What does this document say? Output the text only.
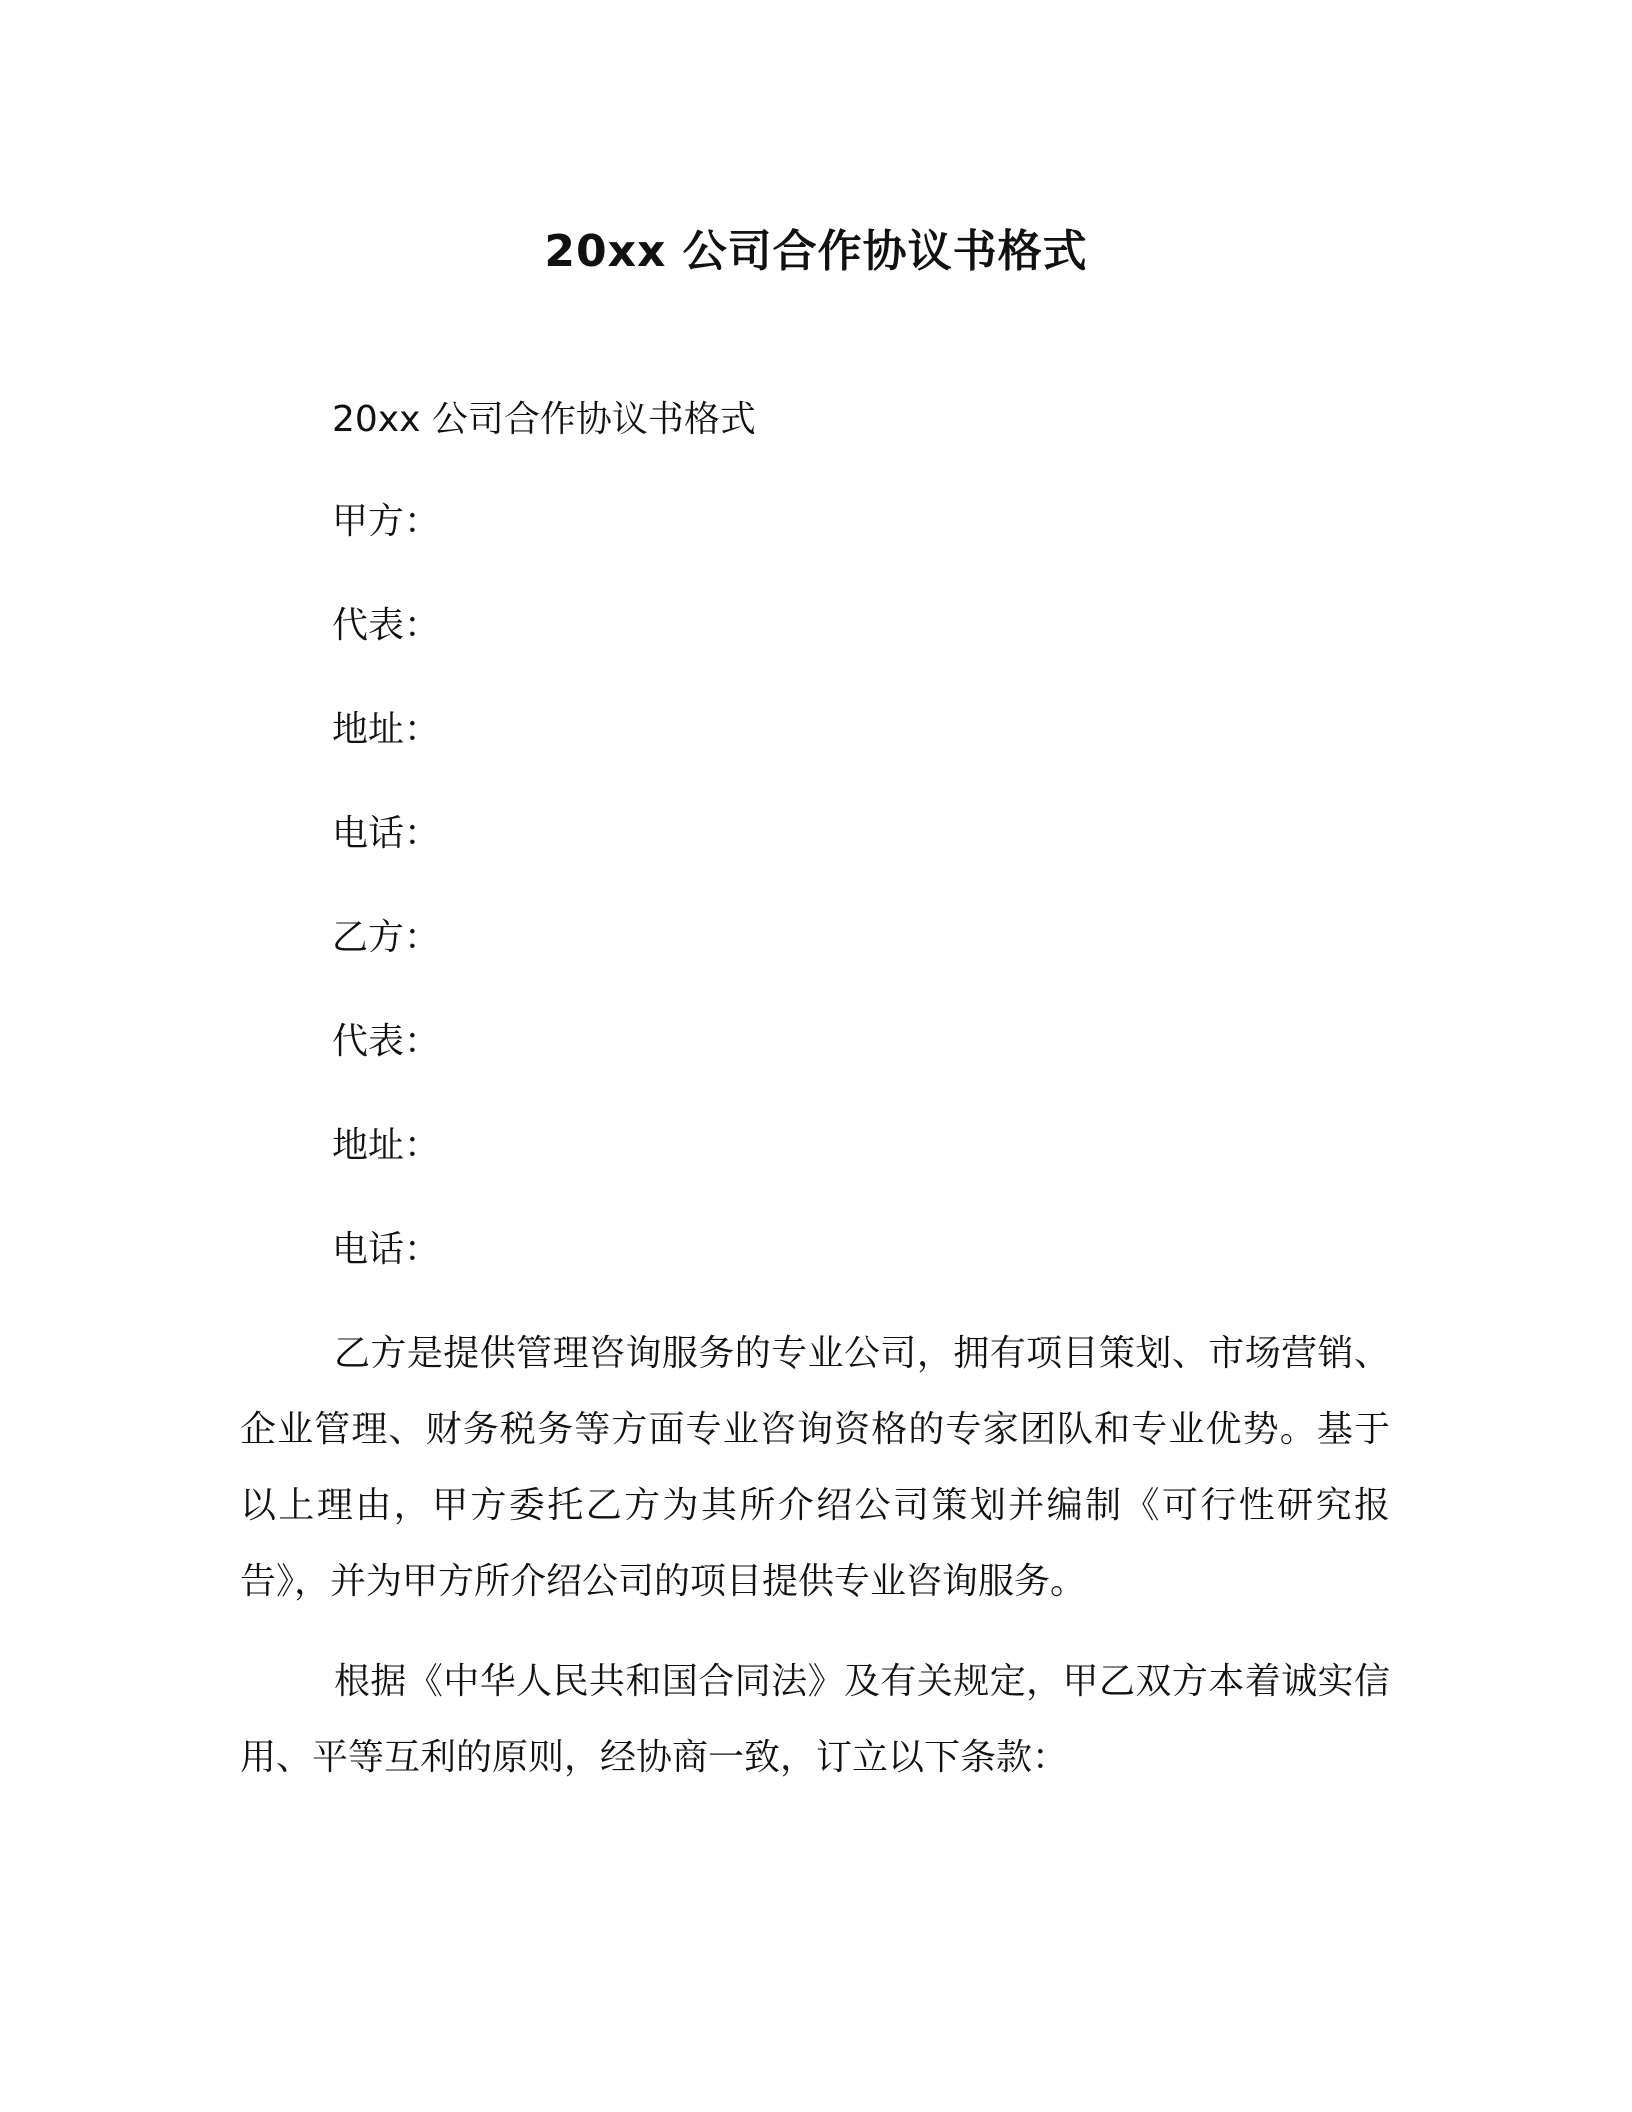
20xx 公司合作协议书格式
20xx 公司合作协议书格式
甲方：
代表：
地址：
电话：
乙方：
代表：
地址：
电话：

乙方是提供管理咨询服务的专业公司，拥有项目策划、市场营销、企业管理、财务税务等方面专业咨询资格的专家团队和专业优势。基于以上理由，甲方委托乙方为其所介绍公司策划并编制《可行性研究报告》，并为甲方所介绍公司的项目提供专业咨询服务。

根据《中华人民共和国合同法》及有关规定，甲乙双方本着诚实信用、平等互利的原则，经协商一致，订立以下条款：
